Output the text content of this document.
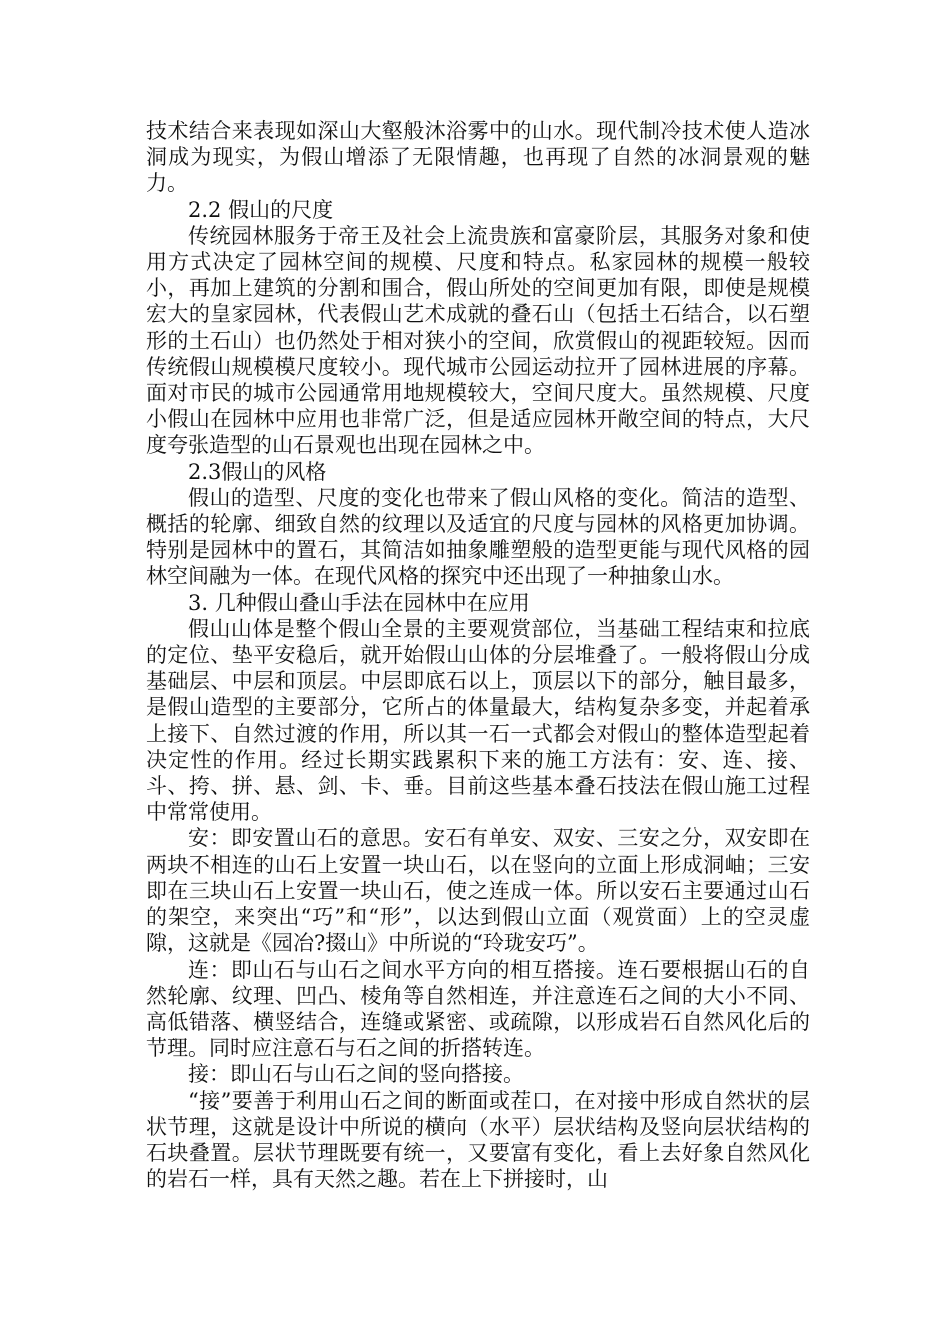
技术结合来表现如深山大壑般沐浴雾中的山水。现代制冷技术使人造冰洞成为现实，为假山增添了无限情趣，也再现了自然的冰洞景观的魅力。

2.2 假山的尺度

传统园林服务于帝王及社会上流贵族和富豪阶层，其服务对象和使用方式决定了园林空间的规模、尺度和特点。私家园林的规模一般较小，再加上建筑的分割和围合，假山所处的空间更加有限，即使是规模宏大的皇家园林，代表假山艺术成就的叠石山（包括土石结合，以石塑形的土石山）也仍然处于相对狭小的空间，欣赏假山的视距较短。因而传统假山规模模尺度较小。现代城市公园运动拉开了园林进展的序幕。面对市民的城市公园通常用地规模较大，空间尺度大。虽然规模、尺度小假山在园林中应用也非常广泛，但是适应园林开敞空间的特点，大尺度夸张造型的山石景观也出现在园林之中。

2.3假山的风格

假山的造型、尺度的变化也带来了假山风格的变化。简洁的造型、概括的轮廓、细致自然的纹理以及适宜的尺度与园林的风格更加协调。特别是园林中的置石，其简洁如抽象雕塑般的造型更能与现代风格的园林空间融为一体。在现代风格的探究中还出现了一种抽象山水。

3. 几种假山叠山手法在园林中在应用

假山山体是整个假山全景的主要观赏部位，当基础工程结束和拉底的定位、垫平安稳后，就开始假山山体的分层堆叠了。一般将假山分成基础层、中层和顶层。中层即底石以上，顶层以下的部分，触目最多，是假山造型的主要部分，它所占的体量最大，结构复杂多变，并起着承上接下、自然过渡的作用，所以其一石一式都会对假山的整体造型起着决定性的作用。经过长期实践累积下来的施工方法有：安、连、接、斗、挎、拼、悬、剑、卡、垂。目前这些基本叠石技法在假山施工过程中常常使用。

安：即安置山石的意思。安石有单安、双安、三安之分，双安即在两块不相连的山石上安置一块山石，以在竖向的立面上形成洞岫；三安即在三块山石上安置一块山石，使之连成一体。所以安石主要通过山石的架空，来突出“巧”和“形”，以达到假山立面（观赏面）上的空灵虚隙，这就是《园冶?掇山》中所说的“玲珑安巧”。

连：即山石与山石之间水平方向的相互搭接。连石要根据山石的自然轮廓、纹理、凹凸、棱角等自然相连，并注意连石之间的大小不同、高低错落、横竖结合，连缝或紧密、或疏隙，以形成岩石自然风化后的节理。同时应注意石与石之间的折搭转连。

接：即山石与山石之间的竖向搭接。

“接”要善于利用山石之间的断面或茬口，在对接中形成自然状的层状节理，这就是设计中所说的横向（水平）层状结构及竖向层状结构的石块叠置。层状节理既要有统一，又要富有变化，看上去好象自然风化的岩石一样，具有天然之趣。若在上下拼接时，山
